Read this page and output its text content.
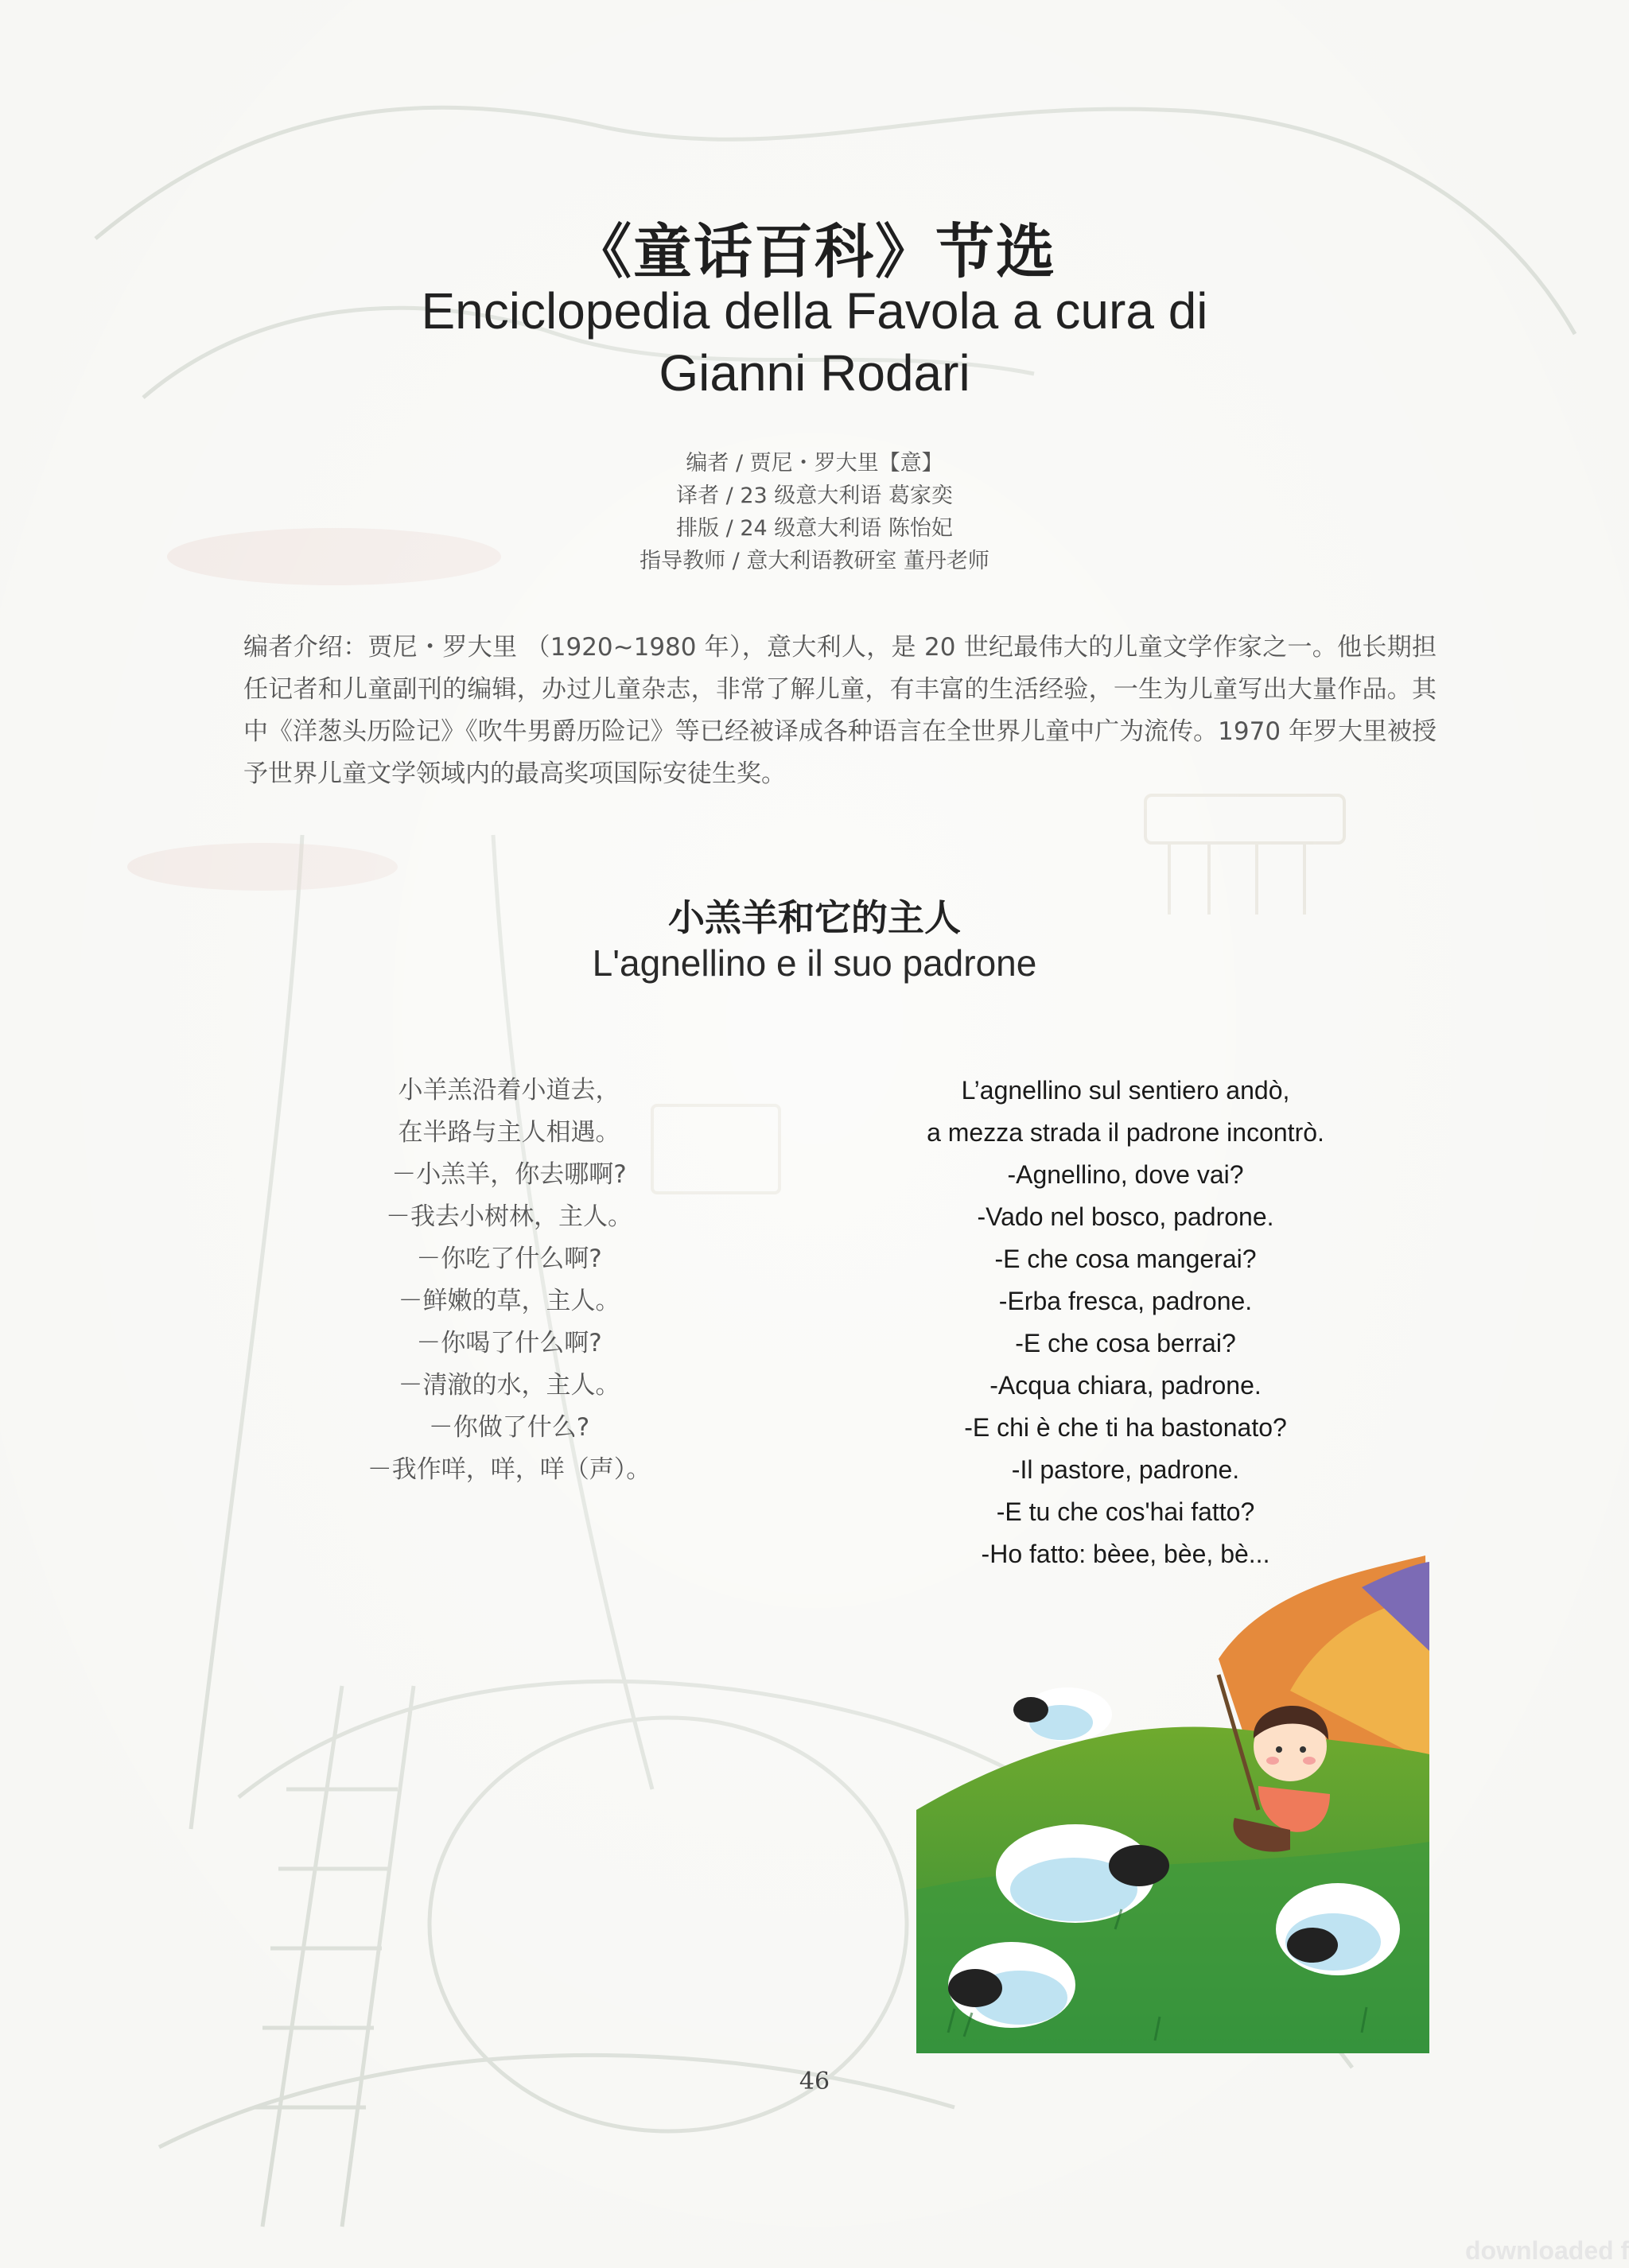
《童话百科》节选
Enciclopedia della Favola a cura di
Gianni Rodari
编者 / 贾尼・罗大里【意】
译者 / 23 级意大利语 葛家奕
排版 / 24 级意大利语 陈怡妃
指导教师 / 意大利语教研室 董丹老师
编者介绍：贾尼・罗大里 （1920~1980 年），意大利人，是 20 世纪最伟大的儿童文学作家之一。他长期担任记者和儿童副刊的编辑，办过儿童杂志，非常了解儿童，有丰富的生活经验，一生为儿童写出大量作品。其中《洋葱头历险记》《吹牛男爵历险记》等已经被译成各种语言在全世界儿童中广为流传。1970 年罗大里被授予世界儿童文学领域内的最高奖项国际安徒生奖。
小羔羊和它的主人
L'agnellino e il suo padrone
小羊羔沿着小道去，
在半路与主人相遇。
－小羔羊，你去哪啊?
－我去小树林，主人。
－你吃了什么啊?
－鲜嫩的草，主人。
－你喝了什么啊?
－清澈的水，主人。
－你做了什么?
－我作咩，咩，咩（声）。
L’agnellino sul sentiero andò,
a mezza strada il padrone incontrò.
-Agnellino, dove vai?
-Vado nel bosco, padrone.
-E che cosa mangerai?
-Erba fresca, padrone.
-E che cosa berrai?
-Acqua chiara, padrone.
-E chi è che ti ha bastonato?
-Il pastore, padrone.
-E tu che cos'hai fatto?
-Ho fatto: bèee, bèe, bè...
46
downloaded f
